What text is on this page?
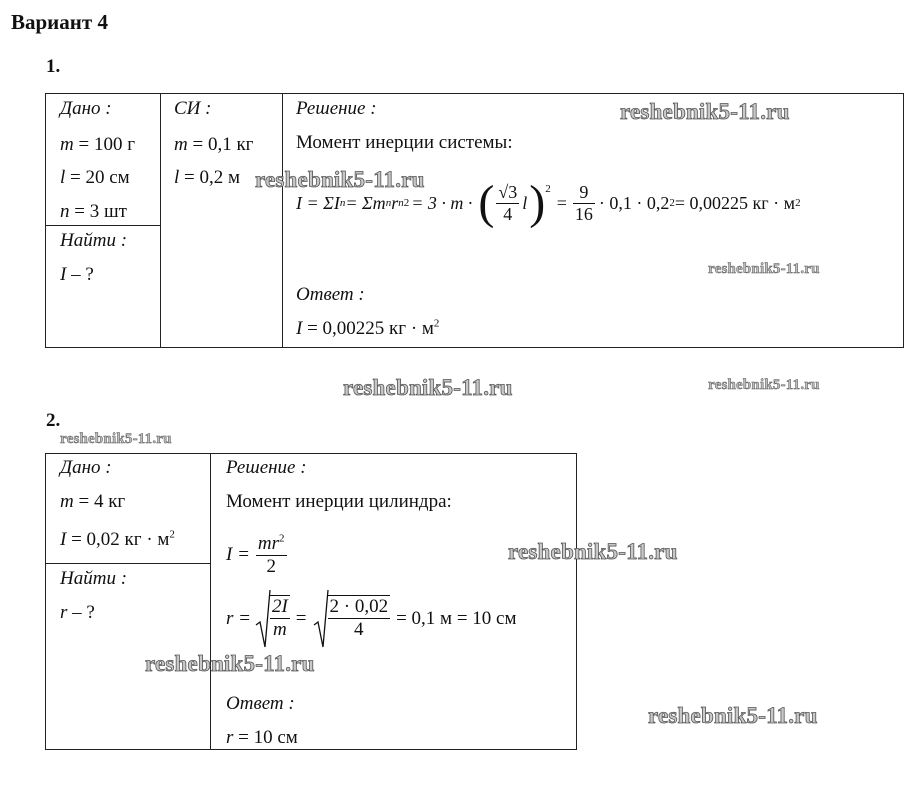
Вариант 4
1.
Дано :
m = 100 г
l = 20 см
n = 3 шт
Найти :
I – ?
СИ :
m = 0,1 кг
l = 0,2 м
Решение :
Момент инерции системы:
I = ΣI n = Σm n r n 2 = 3 · m · ( $\frac{√3}{4}$ l )$^2$
= $\frac{9}{16} \cdot 0,1 \cdot 0,2$ 2 = 0,00225 кг · м 2
Ответ :
I = 0,00225 кг · $м^2$
2.
Дано :
m = 4 кг
I = 0,02 кг · $м^2$
Найти :
r – ?
Решение :
Момент инерции цилиндра:
$I = \frac{mr^2}{2}$
$r = \frac{2I}{m} = \frac{2 \cdot 0,02}{4} = 0,1$ м = 10 см
Ответ :
r = 10 см
reshebnik5-11.ru
reshebnik5-11.ru
reshebnik5-11.ru
reshebnik5-11.ru	reshebnik5-11.ru
reshebnik5-11.ru
reshebnik5-11.ru
reshebnik5-11.ru
reshebnik5-11.ru
